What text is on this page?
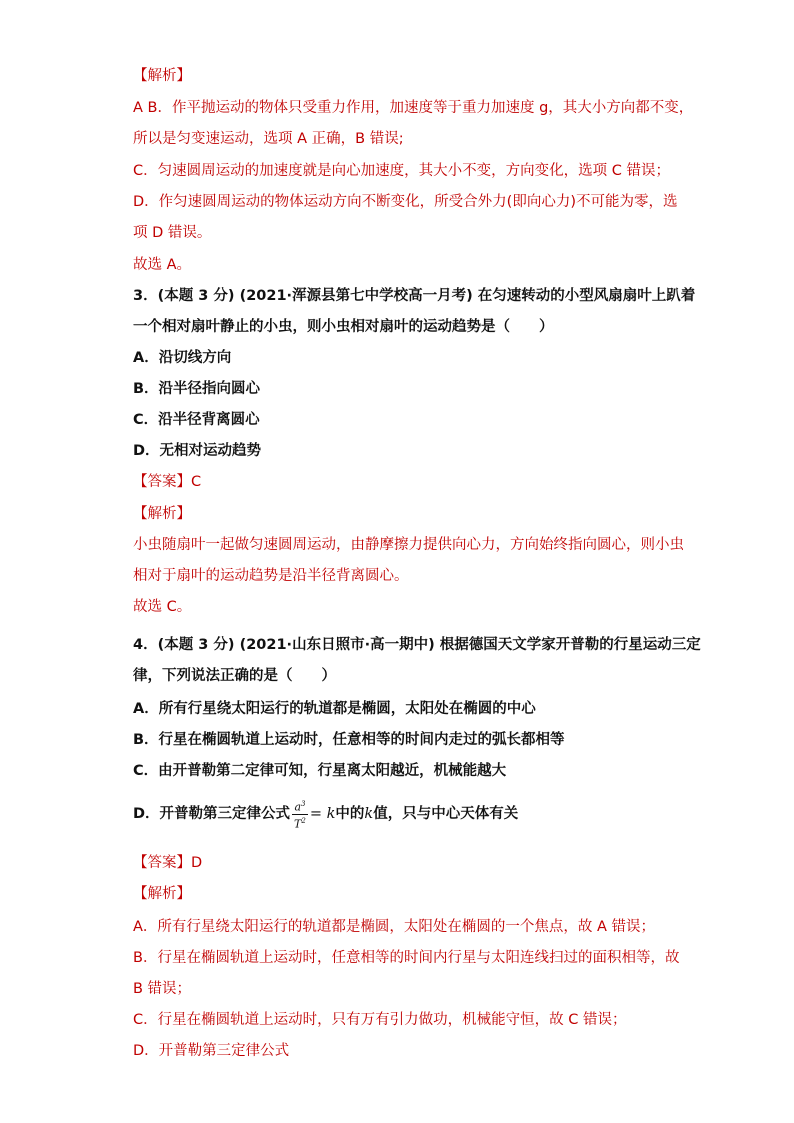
【解析】
A B．作平抛运动的物体只受重力作用，加速度等于重力加速度 g，其大小方向都不变，
所以是匀变速运动，选项 A 正确，B 错误;
C．匀速圆周运动的加速度就是向心加速度，其大小不变，方向变化，选项 C 错误；
D．作匀速圆周运动的物体运动方向不断变化，所受合外力(即向心力)不可能为零，选
项 D 错误。
故选 A。
3．(本题 3 分) (2021·浑源县第七中学校高一月考) 在匀速转动的小型风扇扇叶上趴着
一个相对扇叶静止的小虫，则小虫相对扇叶的运动趋势是（　　）
A．沿切线方向
B．沿半径指向圆心
C．沿半径背离圆心
D．无相对运动趋势
【答案】C
【解析】
小虫随扇叶一起做匀速圆周运动，由静摩擦力提供向心力，方向始终指向圆心，则小虫
相对于扇叶的运动趋势是沿半径背离圆心。
故选 C。
4．(本题 3 分) (2021·山东日照市·高一期中) 根据德国天文学家开普勒的行星运动三定
律，下列说法正确的是（　　）
A．所有行星绕太阳运行的轨道都是椭圆，太阳处在椭圆的中心
B．行星在椭圆轨道上运动时，任意相等的时间内走过的弧长都相等
C．由开普勒第二定律可知，行星离太阳越近，机械能越大
D．开普勒第三定律公式 $\frac{a^3}{T^2} = k$中的k值，只与中心天体有关
【答案】D
【解析】
A．所有行星绕太阳运行的轨道都是椭圆，太阳处在椭圆的一个焦点，故 A 错误；
B．行星在椭圆轨道上运动时，任意相等的时间内行星与太阳连线扫过的面积相等，故
B 错误；
C．行星在椭圆轨道上运动时，只有万有引力做功，机械能守恒，故 C 错误；
D．开普勒第三定律公式
